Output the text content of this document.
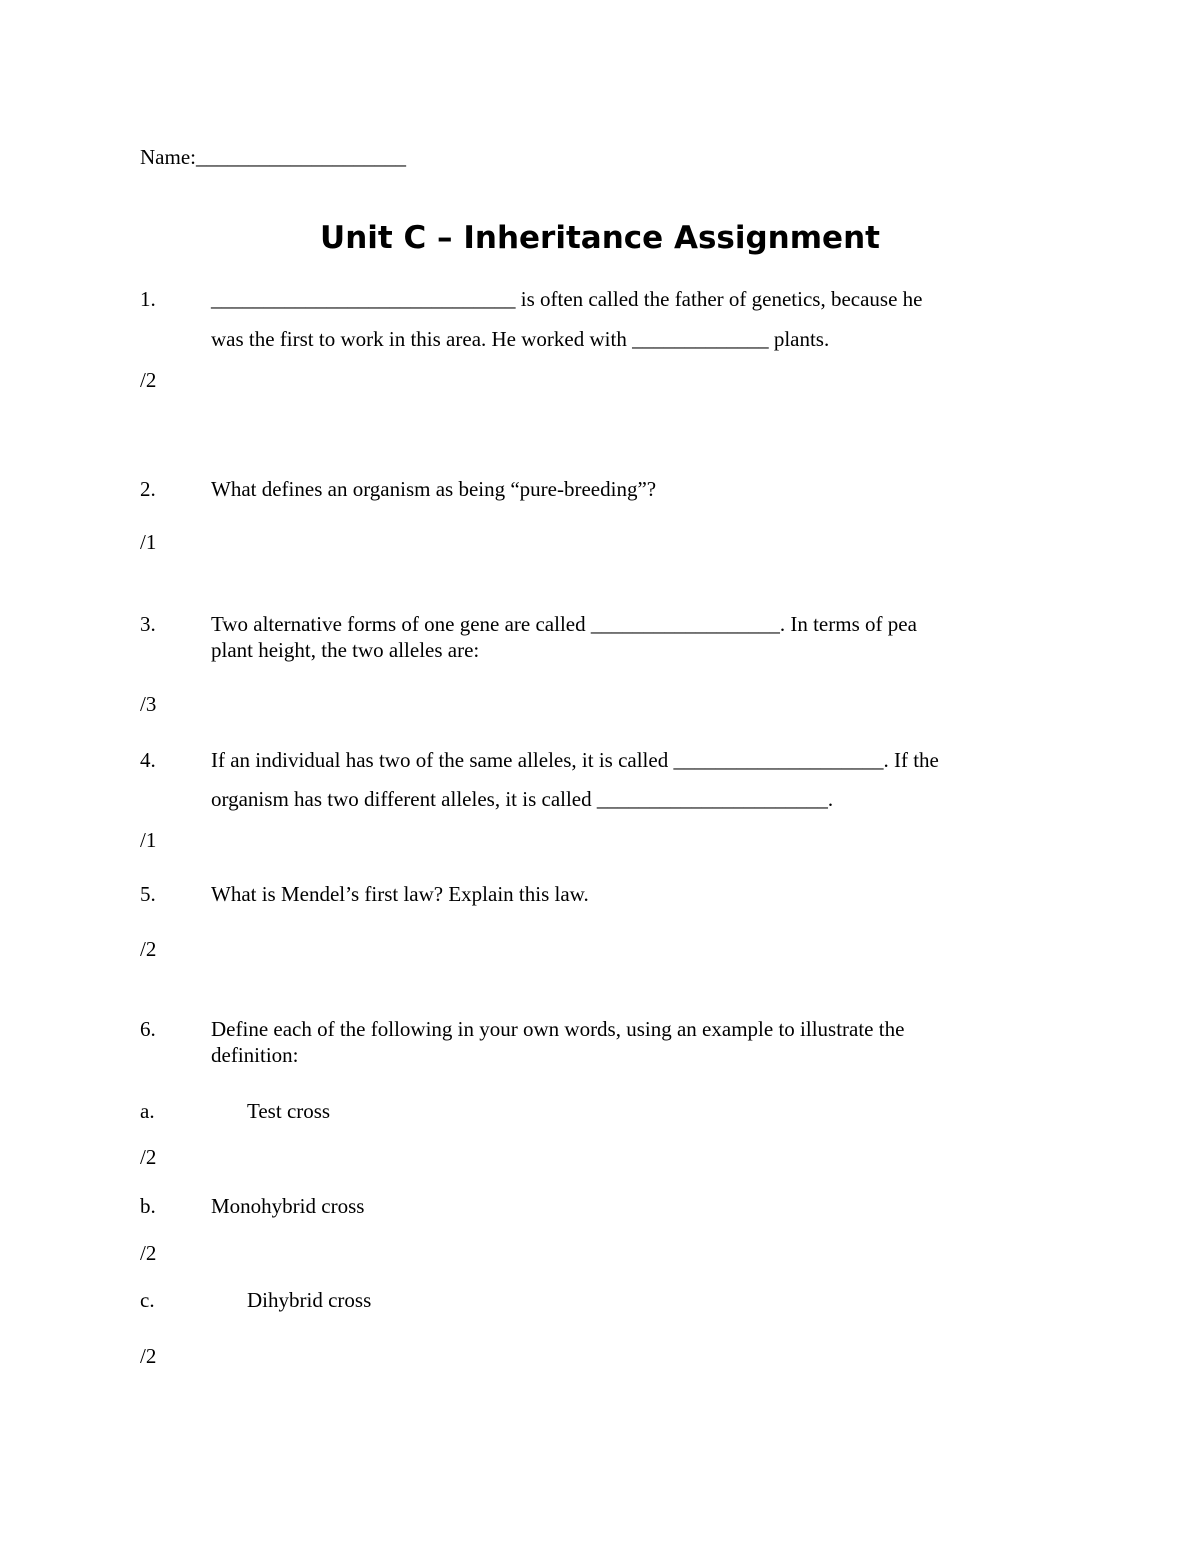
Name:____________________
Unit C – Inheritance Assignment
1.	_____________________________ is often called the father of genetics, because he
was the first to work in this area. He worked with _____________ plants.
/2
2.	What defines an organism as being “pure-breeding”?
/1
3.	Two alternative forms of one gene are called __________________. In terms of pea
plant height, the two alleles are:
/3
4.	If an individual has two of the same alleles, it is called ____________________. If the
organism has two different alleles, it is called ______________________.
/1
5.	What is Mendel’s first law? Explain this law.
/2
6.	Define each of the following in your own words, using an example to illustrate the
definition:
a.	Test cross
/2
b.	Monohybrid cross
/2
c.	Dihybrid cross
/2
